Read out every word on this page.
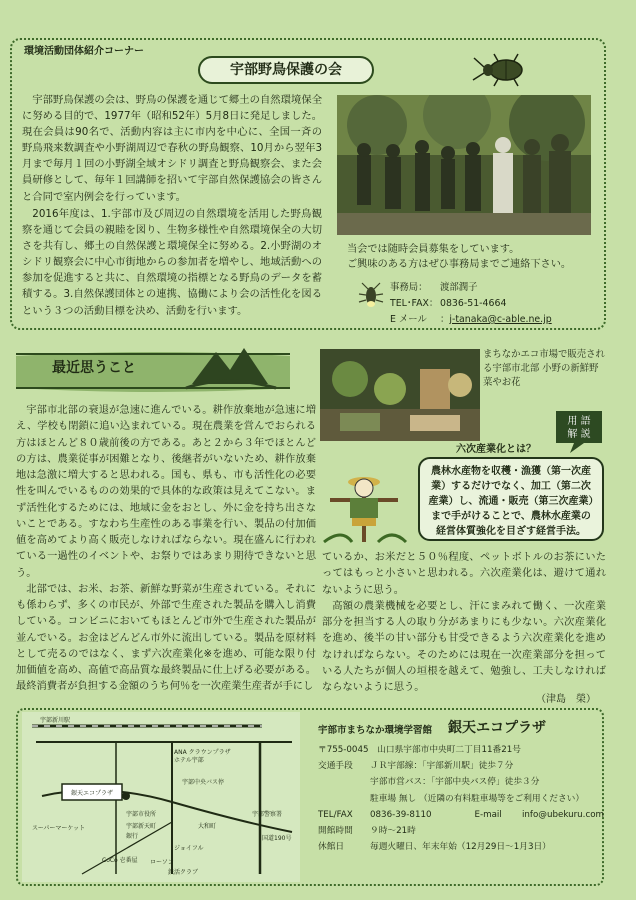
環境活動団体紹介コーナー
宇部野鳥保護の会
宇部野鳥保護の会は、野鳥の保護を通じて郷土の自然環境保全に努める目的で、1977年（昭和52年）5月8日に発足しました。現在会員は90名で、活動内容は主に市内を中心に、全国一斉の野鳥飛来数調査や小野湖周辺で春秋の野鳥観察、10月から翌年3月まで毎月１回の小野湖全域オシドリ調査と野鳥観察会、また会員研修として、毎年１回講師を招いて宇部自然保護協会の皆さんと合同で室内例会を行っています。
2016年度は、1.宇部市及び周辺の自然環境を活用した野鳥観察を通じて会員の親睦を図り、生物多様性や自然環境保全の大切さを共有し、郷土の自然保護と環境保全に努める。2.小野湖のオシドリ観察会に中心市街地からの参加者を増やし、地域活動への参加を促進すると共に、自然環境の指標となる野鳥のデータを蓄積する。3.自然保護団体との連携、協働により会の活性化を図るという３つの活動目標を決め、活動を行います。
当会では随時会員募集をしています。
ご興味のある方はぜひ事務局までご連絡下さい。
事務局：	渡部潤子
TEL･FAX： 0836-51-4664
E メール	： j-tanaka@c-able.ne.jp
最近思うこと

宇部市北部の衰退が急速に進んでいる。耕作放棄地が急速に増え、学校も閉鎖に追い込まれている。現在農業を営んでおられる方はほとんど８０歳前後の方である。あと２から３年でほとんどの方は、農業従事が困難となり、後継者がいないため、耕作放棄地は急激に増大すると思われる。国も、県も、市も活性化の必要性を叫んでいるものの効果的で具体的な政策は見えてこない。まず活性化するためには、地域に金をおとし、外に金を持ち出さないことである。すなわち生産性のある事業を行い、製品の付加価値を高めてより高く販売しなければならない。現在盛んに行われている一過性のイベントや、お祭りではあまり期待できないと思う。

北部では、お米、お茶、新鮮な野菜が生産されている。それにも係わらず、多くの市民が、外部で生産された製品を購入し消費している。コンビニにおいてもほとんど市外で生産された製品が並んでいる。お金はどんどん市外に流出している。製品を原材料として売るのではなく、まず六次産業化※を進め、可能な限り付加価値を高め、高値で高品質な最終製品に仕上げる必要がある。最終消費者が負担する金額のうち何％を一次産業生産者が手にし

まちなかエコ市場で販売される宇部市北部 小野の新鮮野菜やお花
用 語
解 説
六次産業化とは？
農林水産物を収穫・漁獲（第一次産業）するだけでなく、加工（第二次産業）し、流通・販売（第三次産業）まで手がけることで、農林水産業の経営体質強化を目ざす経営手法。

ているか、お米だと５０％程度、ペットボトルのお茶にいたってはもっと小さいと思われる。六次産業化は、避けて通れないように思う。

高額の農業機械を必要とし、汗にまみれて働く、一次産業部分を担当する人の取り分があまりにも少ない。六次産業化を進め、後半の甘い部分も甘受できるよう六次産業化を進めなければならない。そのためには現在一次産業部分を担っている人たちが個人の垣根を越えて、勉強し、工夫しなければならないように思う。

（津島　榮）
銀天エコプラザ
宇部新川駅
ANA クラウンプラザ
ホテル宇部
宇部中央バス停
宇部市役所
国道190号
宇部警察署
宇部新天町
銀行
大和町
ジョイフル
スーパーマーケット
CoCo 壱番屋 ローソン
鉄活クラブ
宇部市まちなか環境学習館 銀天エコプラザ
〒755-0045　山口県宇部市中央町二丁目11番21号
交通手段	ＪＲ宇部線：「宇部新川駅」徒歩７分
宇部市営バス：「宇部中央バス停」徒歩３分
駐車場 無し （近隣の有料駐車場等をご利用ください）
TEL/FAX	0836-39-8110	E-mail	info@ubekuru.com
開館時間	９時～21時
休館日	毎週火曜日、年末年始（12月29日～1月3日）
